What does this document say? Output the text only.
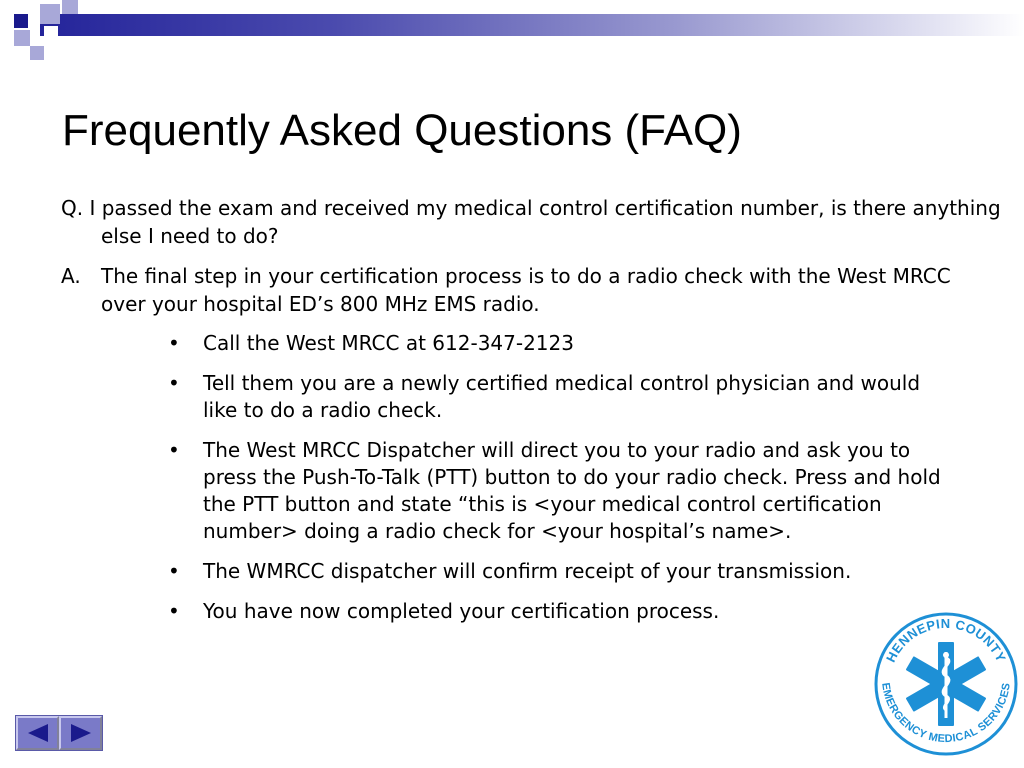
Frequently Asked Questions (FAQ)

Q. I passed the exam and received my medical control certification number, is there anything else I need to do?

A. The final step in your certification process is to do a radio check with the West MRCC over your hospital ED’s 800 MHz EMS radio.

• Call the West MRCC at 612-347-2123
• Tell them you are a newly certified medical control physician and would like to do a radio check.
• The West MRCC Dispatcher will direct you to your radio and ask you to press the Push-To-Talk (PTT) button to do your radio check. Press and hold the PTT button and state “this is <your medical control certification number> doing a radio check for <your hospital’s name>.
• The WMRCC dispatcher will confirm receipt of your transmission.
• You have now completed your certification process.
HENNEPIN COUNTY
EMERGENCY MEDICAL SERVICES
